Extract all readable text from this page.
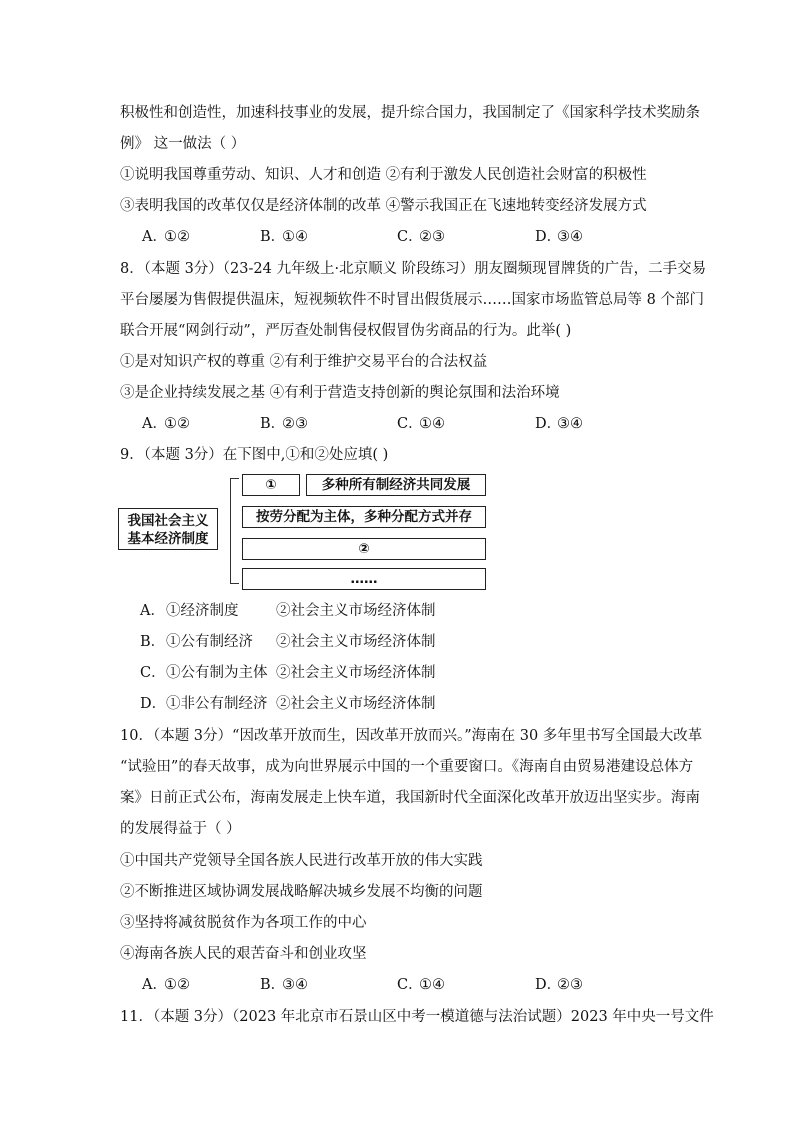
积极性和创造性，加速科技事业的发展，提升综合国力，我国制定了《国家科学技术奖励条
例》 这一做法（ ）
①说明我国尊重劳动、知识、人才和创造 ②有利于激发人民创造社会财富的积极性
③表明我国的改革仅仅是经济体制的改革 ④警示我国正在飞速地转变经济发展方式
A．①②	B．①④	C．②③	D．③④
8．（本题 3分）（23-24 九年级上·北京顺义 阶段练习）朋友圈频现冒牌货的广告，二手交易
平台屡屡为售假提供温床，短视频软件不时冒出假货展示……国家市场监管总局等 8 个部门
联合开展“网剑行动”，严厉查处制售侵权假冒伪劣商品的行为。此举( )
①是对知识产权的尊重 ②有利于维护交易平台的合法权益
③是企业持续发展之基 ④有利于营造支持创新的舆论氛围和法治环境
A．①②	B．②③	C．①④	D．③④
9．（本题 3分）在下图中,①和②处应填( )
我国社会主义
基本经济制度
①	多种所有制经济共同发展
按劳分配为主体，多种分配方式并存
②
……
A．①经济制度	②社会主义市场经济体制
B．①公有制经济 ②社会主义市场经济体制
C．①公有制为主体 ②社会主义市场经济体制
D．①非公有制经济 ②社会主义市场经济体制
10．（本题 3分）“因改革开放而生，因改革开放而兴。”海南在 30 多年里书写全国最大改革
“试验田”的春天故事，成为向世界展示中国的一个重要窗口。《海南自由贸易港建设总体方
案》日前正式公布，海南发展走上快车道，我国新时代全面深化改革开放迈出坚实步。海南
的发展得益于（ ）
①中国共产党领导全国各族人民进行改革开放的伟大实践
②不断推进区域协调发展战略解决城乡发展不均衡的问题
③坚持将减贫脱贫作为各项工作的中心
④海南各族人民的艰苦奋斗和创业攻坚
A．①②	B．③④	C．①④	D．②③
11．（本题 3分）（2023 年北京市石景山区中考一模道德与法治试题）2023 年中央一号文件
